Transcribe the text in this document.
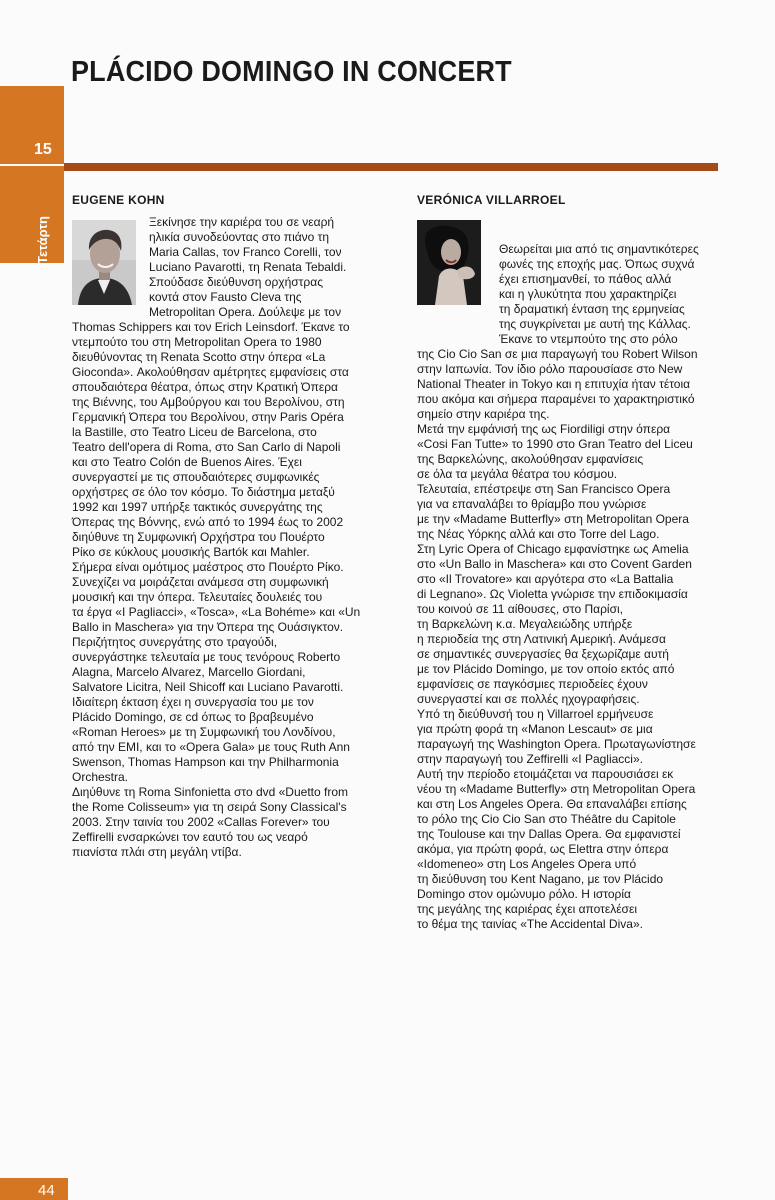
PLÁCIDO DOMINGO IN CONCERT
15
Τετάρτη
EUGENE KOHN	VERÓNICA VILLARROEL
Ξεκίνησε την καριέρα του σε νεαρή
ηλικία συνοδεύοντας στο πιάνο τη
Maria Callas, τον Franco Corelli, τον
Luciano Pavarotti, τη Renata Tebaldi.
Σπούδασε διεύθυνση ορχήστρας
κοντά στον Fausto Cleva της
Metropolitan Opera. Δούλεψε με τον
Thomas Schippers και τον Erich Leinsdorf. Έκανε το
ντεμπούτο του στη Metropolitan Opera το 1980
διευθύνοντας τη Renata Scotto στην όπερα «La
Gioconda». Ακολούθησαν αμέτρητες εμφανίσεις στα
σπουδαιότερα θέατρα, όπως στην Κρατική Όπερα
της Βιέννης, του Αμβούργου και του Βερολίνου, στη
Γερμανική Όπερα του Βερολίνου, στην Paris Opéra
la Bastille, στο Teatro Liceu de Barcelona, στο
Teatro dell'opera di Roma, στο San Carlo di Napoli
και στο Teatro Colón de Buenos Aires. Έχει
συνεργαστεί με τις σπουδαιότερες συμφωνικές
ορχήστρες σε όλο τον κόσμο. Το διάστημα μεταξύ
1992 και 1997 υπήρξε τακτικός συνεργάτης της
Όπερας της Βόννης, ενώ από το 1994 έως το 2002
διηύθυνε τη Συμφωνική Ορχήστρα του Πουέρτο
Ρίκο σε κύκλους μουσικής Bartók και Mahler.
Σήμερα είναι ομότιμος μαέστρος στο Πουέρτο Ρίκο.
Συνεχίζει να μοιράζεται ανάμεσα στη συμφωνική
μουσική και την όπερα. Τελευταίες δουλειές του
τα έργα «I Pagliacci», «Tosca», «La Bohéme» και «Un
Ballo in Maschera» για την Όπερα της Ουάσιγκτον.
Περιζήτητος συνεργάτης στο τραγούδι,
συνεργάστηκε τελευταία με τους τενόρους Roberto
Alagna, Marcelo Alvarez, Marcello Giordani,
Salvatore Licitra, Neil Shicoff και Luciano Pavarotti.
Ιδιαίτερη έκταση έχει η συνεργασία του με τον
Plácido Domingo, σε cd όπως το βραβευμένο
«Roman Heroes» με τη Συμφωνική του Λονδίνου,
από την EMI, και το «Opera Gala» με τους Ruth Ann
Swenson, Thomas Hampson και την Philharmonia
Orchestra.
Διηύθυνε τη Roma Sinfonietta στο dvd «Duetto from
the Rome Colisseum» για τη σειρά Sony Classical's
2003. Στην ταινία του 2002 «Callas Forever» του
Zeffirelli ενσαρκώνει τον εαυτό του ως νεαρό
πιανίστα πλάι στη μεγάλη ντίβα.
Θεωρείται μια από τις σημαντικότερες
φωνές της εποχής μας. Όπως συχνά
έχει επισημανθεί, το πάθος αλλά
και η γλυκύτητα που χαρακτηρίζει
τη δραματική ένταση της ερμηνείας
της συγκρίνεται με αυτή της Κάλλας.
Έκανε το ντεμπούτο της στο ρόλο
της Cio Cio San σε μια παραγωγή του Robert Wilson
στην Ιαπωνία. Τον ίδιο ρόλο παρουσίασε στο New
National Theater in Tokyo και η επιτυχία ήταν τέτοια
που ακόμα και σήμερα παραμένει το χαρακτηριστικό
σημείο στην καριέρα της.
Μετά την εμφάνισή της ως Fiordiligi στην όπερα
«Cosi Fan Tutte» το 1990 στο Gran Teatro del Liceu
της Βαρκελώνης, ακολούθησαν εμφανίσεις
σε όλα τα μεγάλα θέατρα του κόσμου.
Τελευταία, επέστρεψε στη San Francisco Opera
για να επαναλάβει το θρίαμβο που γνώρισε
με την «Madame Butterfly» στη Metropolitan Opera
της Νέας Υόρκης αλλά και στο Torre del Lago.
Στη Lyric Opera of Chicago εμφανίστηκε ως Amelia
στο «Un Ballo in Maschera» και στο Covent Garden
στο «Il Trovatore» και αργότερα στο «La Battalia
di Legnano». Ως Violetta γνώρισε την επιδοκιμασία
του κοινού σε 11 αίθουσες, στο Παρίσι,
τη Βαρκελώνη κ.α. Μεγαλειώδης υπήρξε
η περιοδεία της στη Λατινική Αμερική. Ανάμεσα
σε σημαντικές συνεργασίες θα ξεχωρίζαμε αυτή
με τον Plácido Domingo, με τον οποίο εκτός από
εμφανίσεις σε παγκόσμιες περιοδείες έχουν
συνεργαστεί και σε πολλές ηχογραφήσεις.
Υπό τη διεύθυνσή του η Villarroel ερμήνευσε
για πρώτη φορά τη «Manon Lescaut» σε μια
παραγωγή της Washington Opera. Πρωταγωνίστησε
στην παραγωγή του Zeffirelli «I Pagliacci».
Αυτή την περίοδο ετοιμάζεται να παρουσιάσει εκ
νέου τη «Madame Butterfly» στη Metropolitan Opera
και στη Los Angeles Opera. Θα επαναλάβει επίσης
το ρόλο της Cio Cio San στο Théâtre du Capitole
της Toulouse και την Dallas Opera. Θα εμφανιστεί
ακόμα, για πρώτη φορά, ως Elettra στην όπερα
«Idomeneo» στη Los Angeles Opera υπό
τη διεύθυνση του Kent Nagano, με τον Plácido
Domingo στον ομώνυμο ρόλο. Η ιστορία
της μεγάλης της καριέρας έχει αποτελέσει
το θέμα της ταινίας «The Accidental Diva».
44
